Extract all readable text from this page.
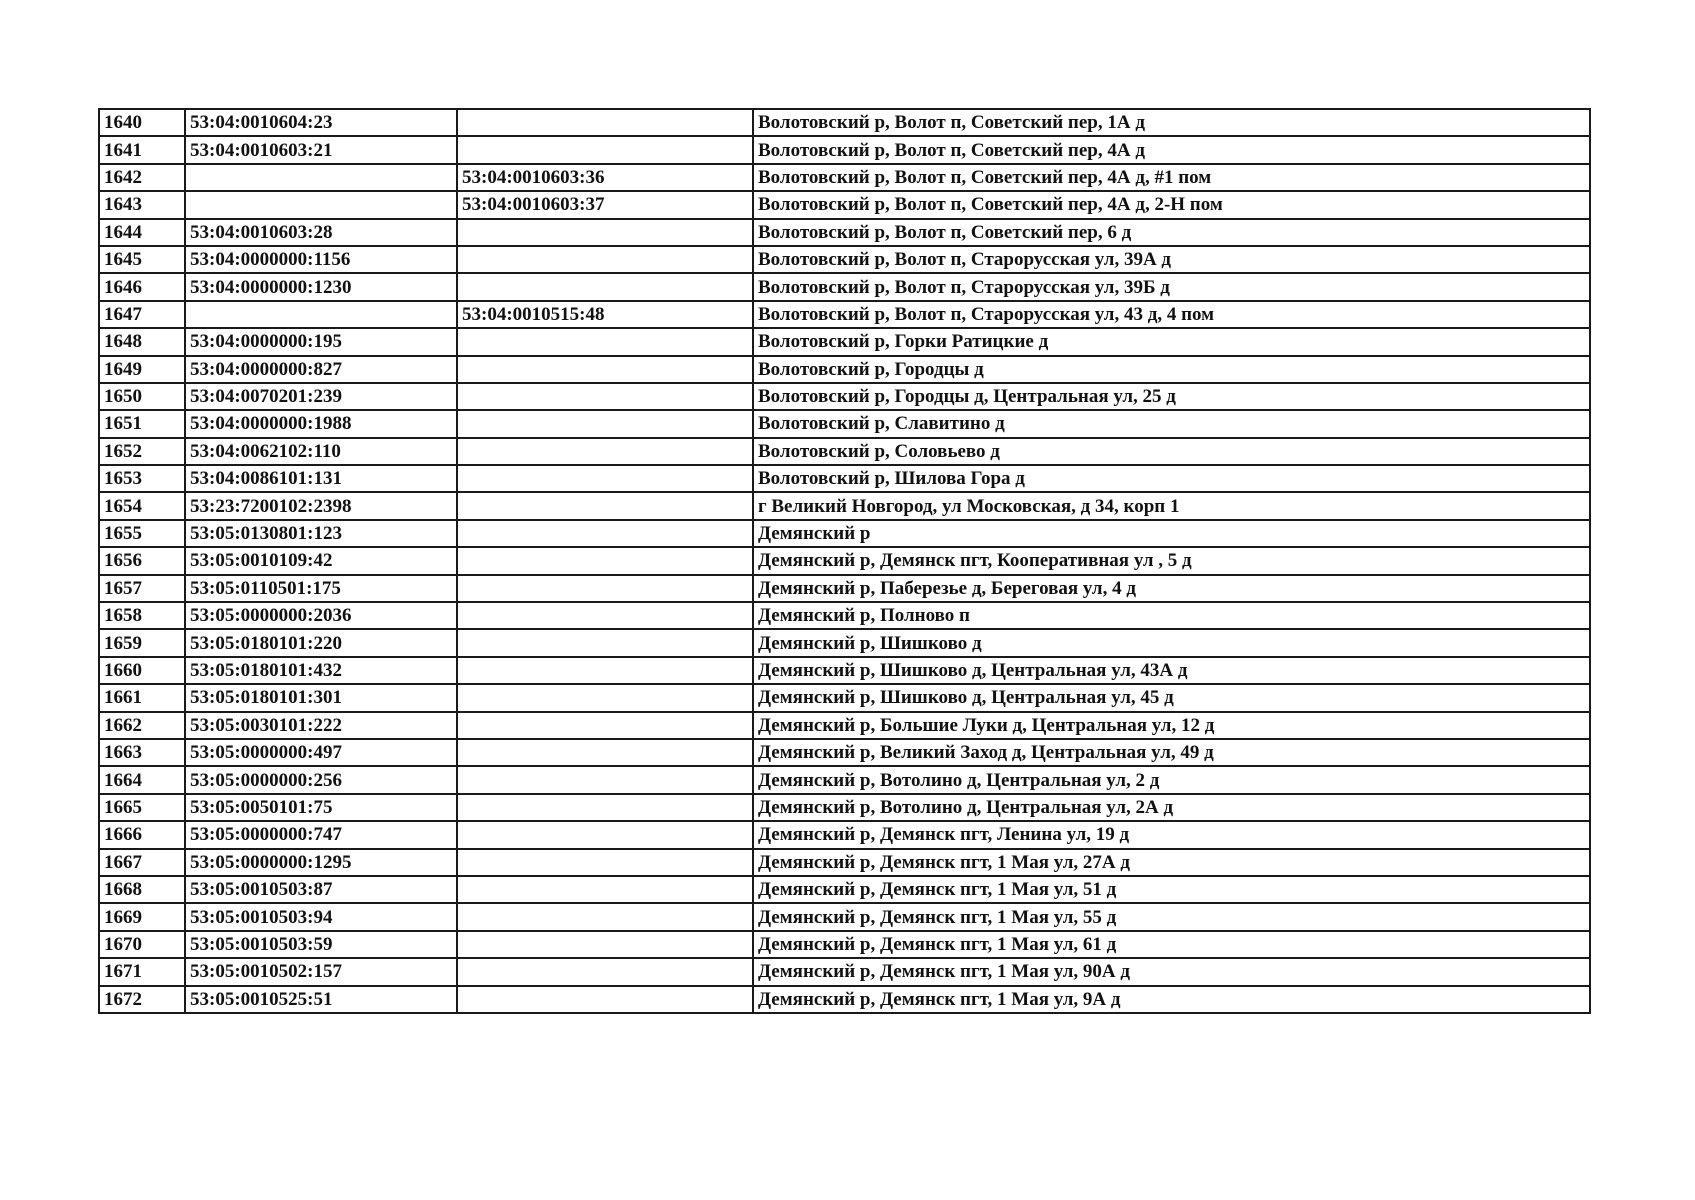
1640	53:04:0010604:23		Волотовский р, Волот п, Советский пер, 1А д
1641	53:04:0010603:21		Волотовский р, Волот п, Советский пер, 4А д
1642		53:04:0010603:36	Волотовский р, Волот п, Советский пер, 4А д, #1 пом
1643		53:04:0010603:37	Волотовский р, Волот п, Советский пер, 4А д, 2-Н пом
1644	53:04:0010603:28		Волотовский р, Волот п, Советский пер, 6 д
1645	53:04:0000000:1156		Волотовский р, Волот п, Старорусская ул, 39А д
1646	53:04:0000000:1230		Волотовский р, Волот п, Старорусская ул, 39Б д
1647		53:04:0010515:48	Волотовский р, Волот п, Старорусская ул, 43 д, 4 пом
1648	53:04:0000000:195		Волотовский р, Горки Ратицкие д
1649	53:04:0000000:827		Волотовский р, Городцы д
1650	53:04:0070201:239		Волотовский р, Городцы д, Центральная ул, 25 д
1651	53:04:0000000:1988		Волотовский р, Славитино д
1652	53:04:0062102:110		Волотовский р, Соловьево д
1653	53:04:0086101:131		Волотовский р, Шилова Гора д
1654	53:23:7200102:2398		г Великий Новгород, ул Московская, д 34, корп 1
1655	53:05:0130801:123		Демянский р
1656	53:05:0010109:42		Демянский р, Демянск пгт, Кооперативная ул , 5 д
1657	53:05:0110501:175		Демянский р, Паберезье д, Береговая ул, 4 д
1658	53:05:0000000:2036		Демянский р, Полново п
1659	53:05:0180101:220		Демянский р, Шишково д
1660	53:05:0180101:432		Демянский р, Шишково д, Центральная ул, 43А д
1661	53:05:0180101:301		Демянский р, Шишково д, Центральная ул, 45 д
1662	53:05:0030101:222		Демянский р, Большие Луки д, Центральная ул, 12 д
1663	53:05:0000000:497		Демянский р, Великий Заход д, Центральная ул, 49 д
1664	53:05:0000000:256		Демянский р, Вотолино д, Центральная ул, 2 д
1665	53:05:0050101:75		Демянский р, Вотолино д, Центральная ул, 2А д
1666	53:05:0000000:747		Демянский р, Демянск пгт, Ленина ул, 19 д
1667	53:05:0000000:1295		Демянский р, Демянск пгт, 1 Мая ул, 27А д
1668	53:05:0010503:87		Демянский р, Демянск пгт, 1 Мая ул, 51 д
1669	53:05:0010503:94		Демянский р, Демянск пгт, 1 Мая ул, 55 д
1670	53:05:0010503:59		Демянский р, Демянск пгт, 1 Мая ул, 61 д
1671	53:05:0010502:157		Демянский р, Демянск пгт, 1 Мая ул, 90А д
1672	53:05:0010525:51		Демянский р, Демянск пгт, 1 Мая ул, 9А д
